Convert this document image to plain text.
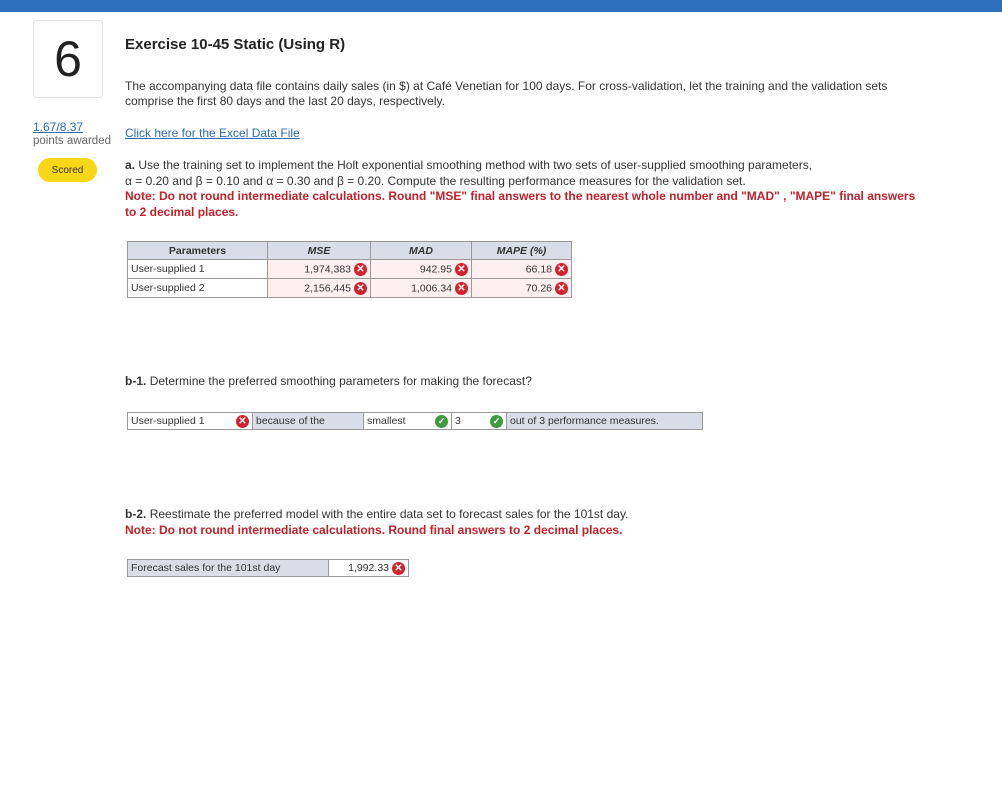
6
1.67/8.37
points awarded
Scored
Exercise 10-45 Static (Using R)
The accompanying data file contains daily sales (in $) at Café Venetian for 100 days. For cross-validation, let the training and the validation sets comprise the first 80 days and the last 20 days, respectively.
Click here for the Excel Data File
a. Use the training set to implement the Holt exponential smoothing method with two sets of user-supplied smoothing parameters,
α = 0.20 and β = 0.10 and α = 0.30 and β = 0.20. Compute the resulting performance measures for the validation set.
Note: Do not round intermediate calculations. Round "MSE" final answers to the nearest whole number and "MAD" , "MAPE" final answers to 2 decimal places.
Parameters	MSE	MAD	MAPE (%)
User-supplied 1	1,974,383 ✕	942.95 ✕	66.18 ✕
User-supplied 2	2,156,445 ✕	1,006.34 ✕	70.26 ✕
b-1. Determine the preferred smoothing parameters for making the forecast?
User-supplied 1	✕ because of the	smallest	✓ 3	✓ out of 3 performance measures.
b-2. Reestimate the preferred model with the entire data set to forecast sales for the 101st day.
Note: Do not round intermediate calculations. Round final answers to 2 decimal places.
Forecast sales for the 101st day	1,992.33 ✕
